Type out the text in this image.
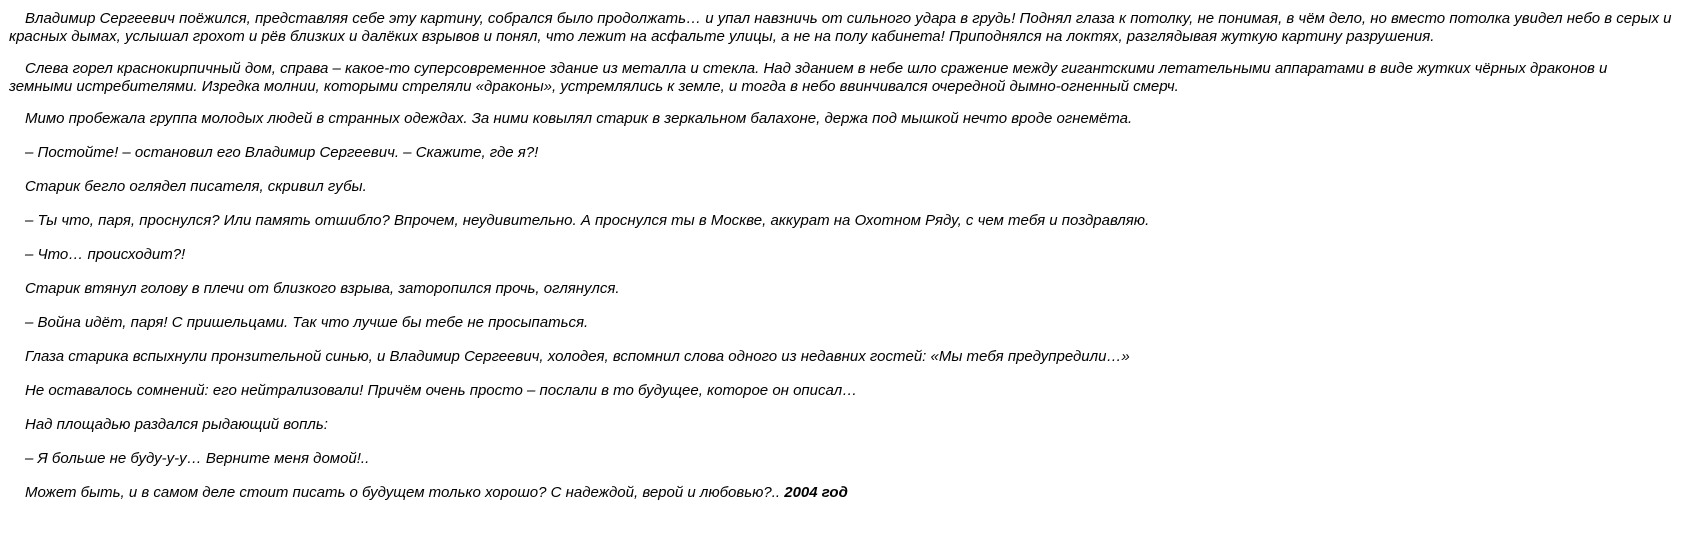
Владимир Сергеевич поёжился, представляя себе эту картину, собрался было продолжать… и упал навзничь от сильного удара в грудь! Поднял глаза к потолку, не понимая, в чём дело, но вместо потолка увидел небо в серых и красных дымах, услышал грохот и рёв близких и далёких взрывов и понял, что лежит на асфальте улицы, а не на полу кабинета! Приподнялся на локтях, разглядывая жуткую картину разрушения.

Слева горел краснокирпичный дом, справа – какое-то суперсовременное здание из металла и стекла. Над зданием в небе шло сражение между гигантскими летательными аппаратами в виде жутких чёрных драконов и земными истребителями. Изредка молнии, которыми стреляли «драконы», устремлялись к земле, и тогда в небо ввинчивался очередной дымно-огненный смерч.

Мимо пробежала группа молодых людей в странных одеждах. За ними ковылял старик в зеркальном балахоне, держа под мышкой нечто вроде огнемёта.

– Постойте! – остановил его Владимир Сергеевич. – Скажите, где я?!

Старик бегло оглядел писателя, скривил губы.

– Ты что, паря, проснулся? Или память отшибло? Впрочем, неудивительно. А проснулся ты в Москве, аккурат на Охотном Ряду, с чем тебя и поздравляю.

– Что… происходит?!

Старик втянул голову в плечи от близкого взрыва, заторопился прочь, оглянулся.

– Война идёт, паря! С пришельцами. Так что лучше бы тебе не просыпаться.

Глаза старика вспыхнули пронзительной синью, и Владимир Сергеевич, холодея, вспомнил слова одного из недавних гостей: «Мы тебя предупредили…»

Не оставалось сомнений: его нейтрализовали! Причём очень просто – послали в то будущее, которое он описал…

Над площадью раздался рыдающий вопль:

– Я больше не буду-у-у… Верните меня домой!..

Может быть, и в самом деле стоит писать о будущем только хорошо? С надеждой, верой и любовью?.. 2004 год
